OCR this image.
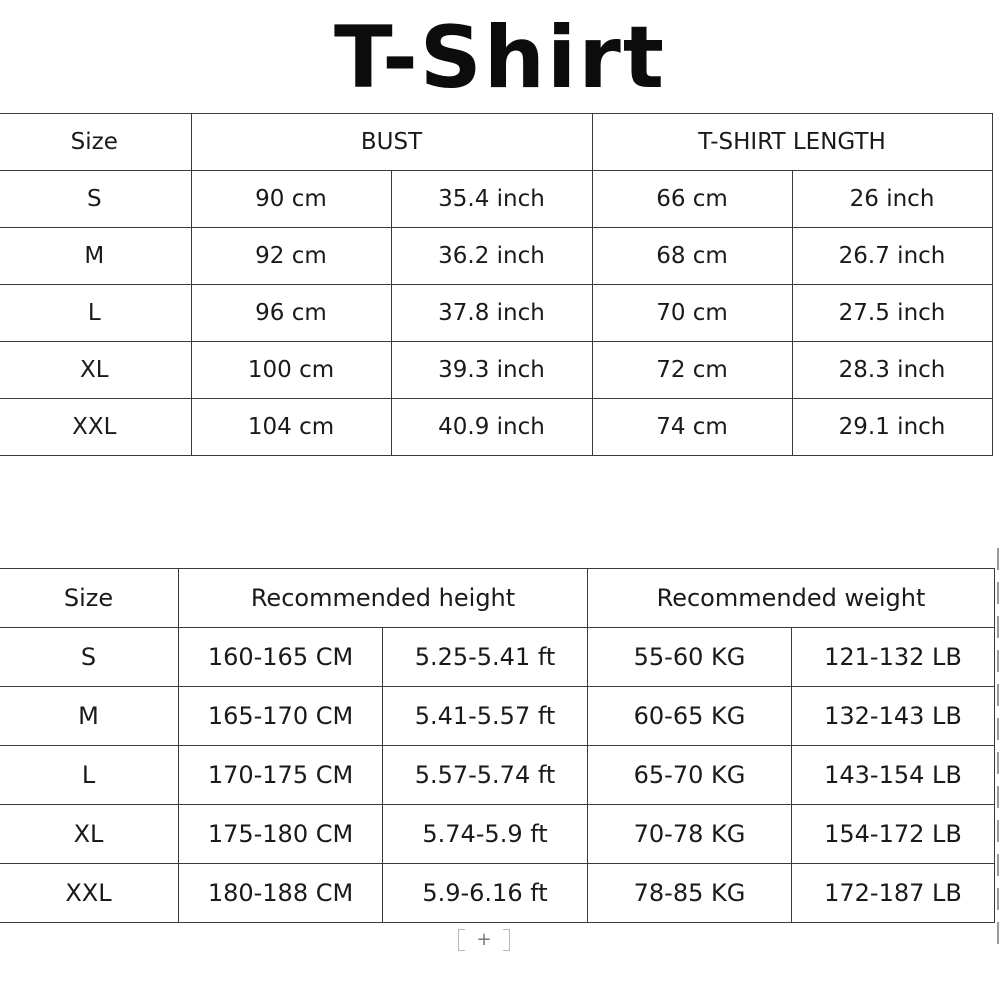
T-Shirt
Size	BUST		T-SHIRT LENGTH	
S	90 cm	35.4 inch	66 cm	26 inch
M	92 cm	36.2 inch	68 cm	26.7 inch
L	96 cm	37.8 inch	70 cm	27.5 inch
XL	100 cm	39.3 inch	72 cm	28.3 inch
XXL	104 cm	40.9 inch	74 cm	29.1 inch
Size	Recommended height		Recommended weight	
S	160-165 CM	5.25-5.41 ft	55-60 KG	121-132 LB
M	165-170 CM	5.41-5.57 ft	60-65 KG	132-143 LB
L	170-175 CM	5.57-5.74 ft	65-70 KG	143-154 LB
XL	175-180 CM	5.74-5.9 ft	70-78 KG	154-172 LB
XXL	180-188 CM	5.9-6.16 ft	78-85 KG	172-187 LB
+
